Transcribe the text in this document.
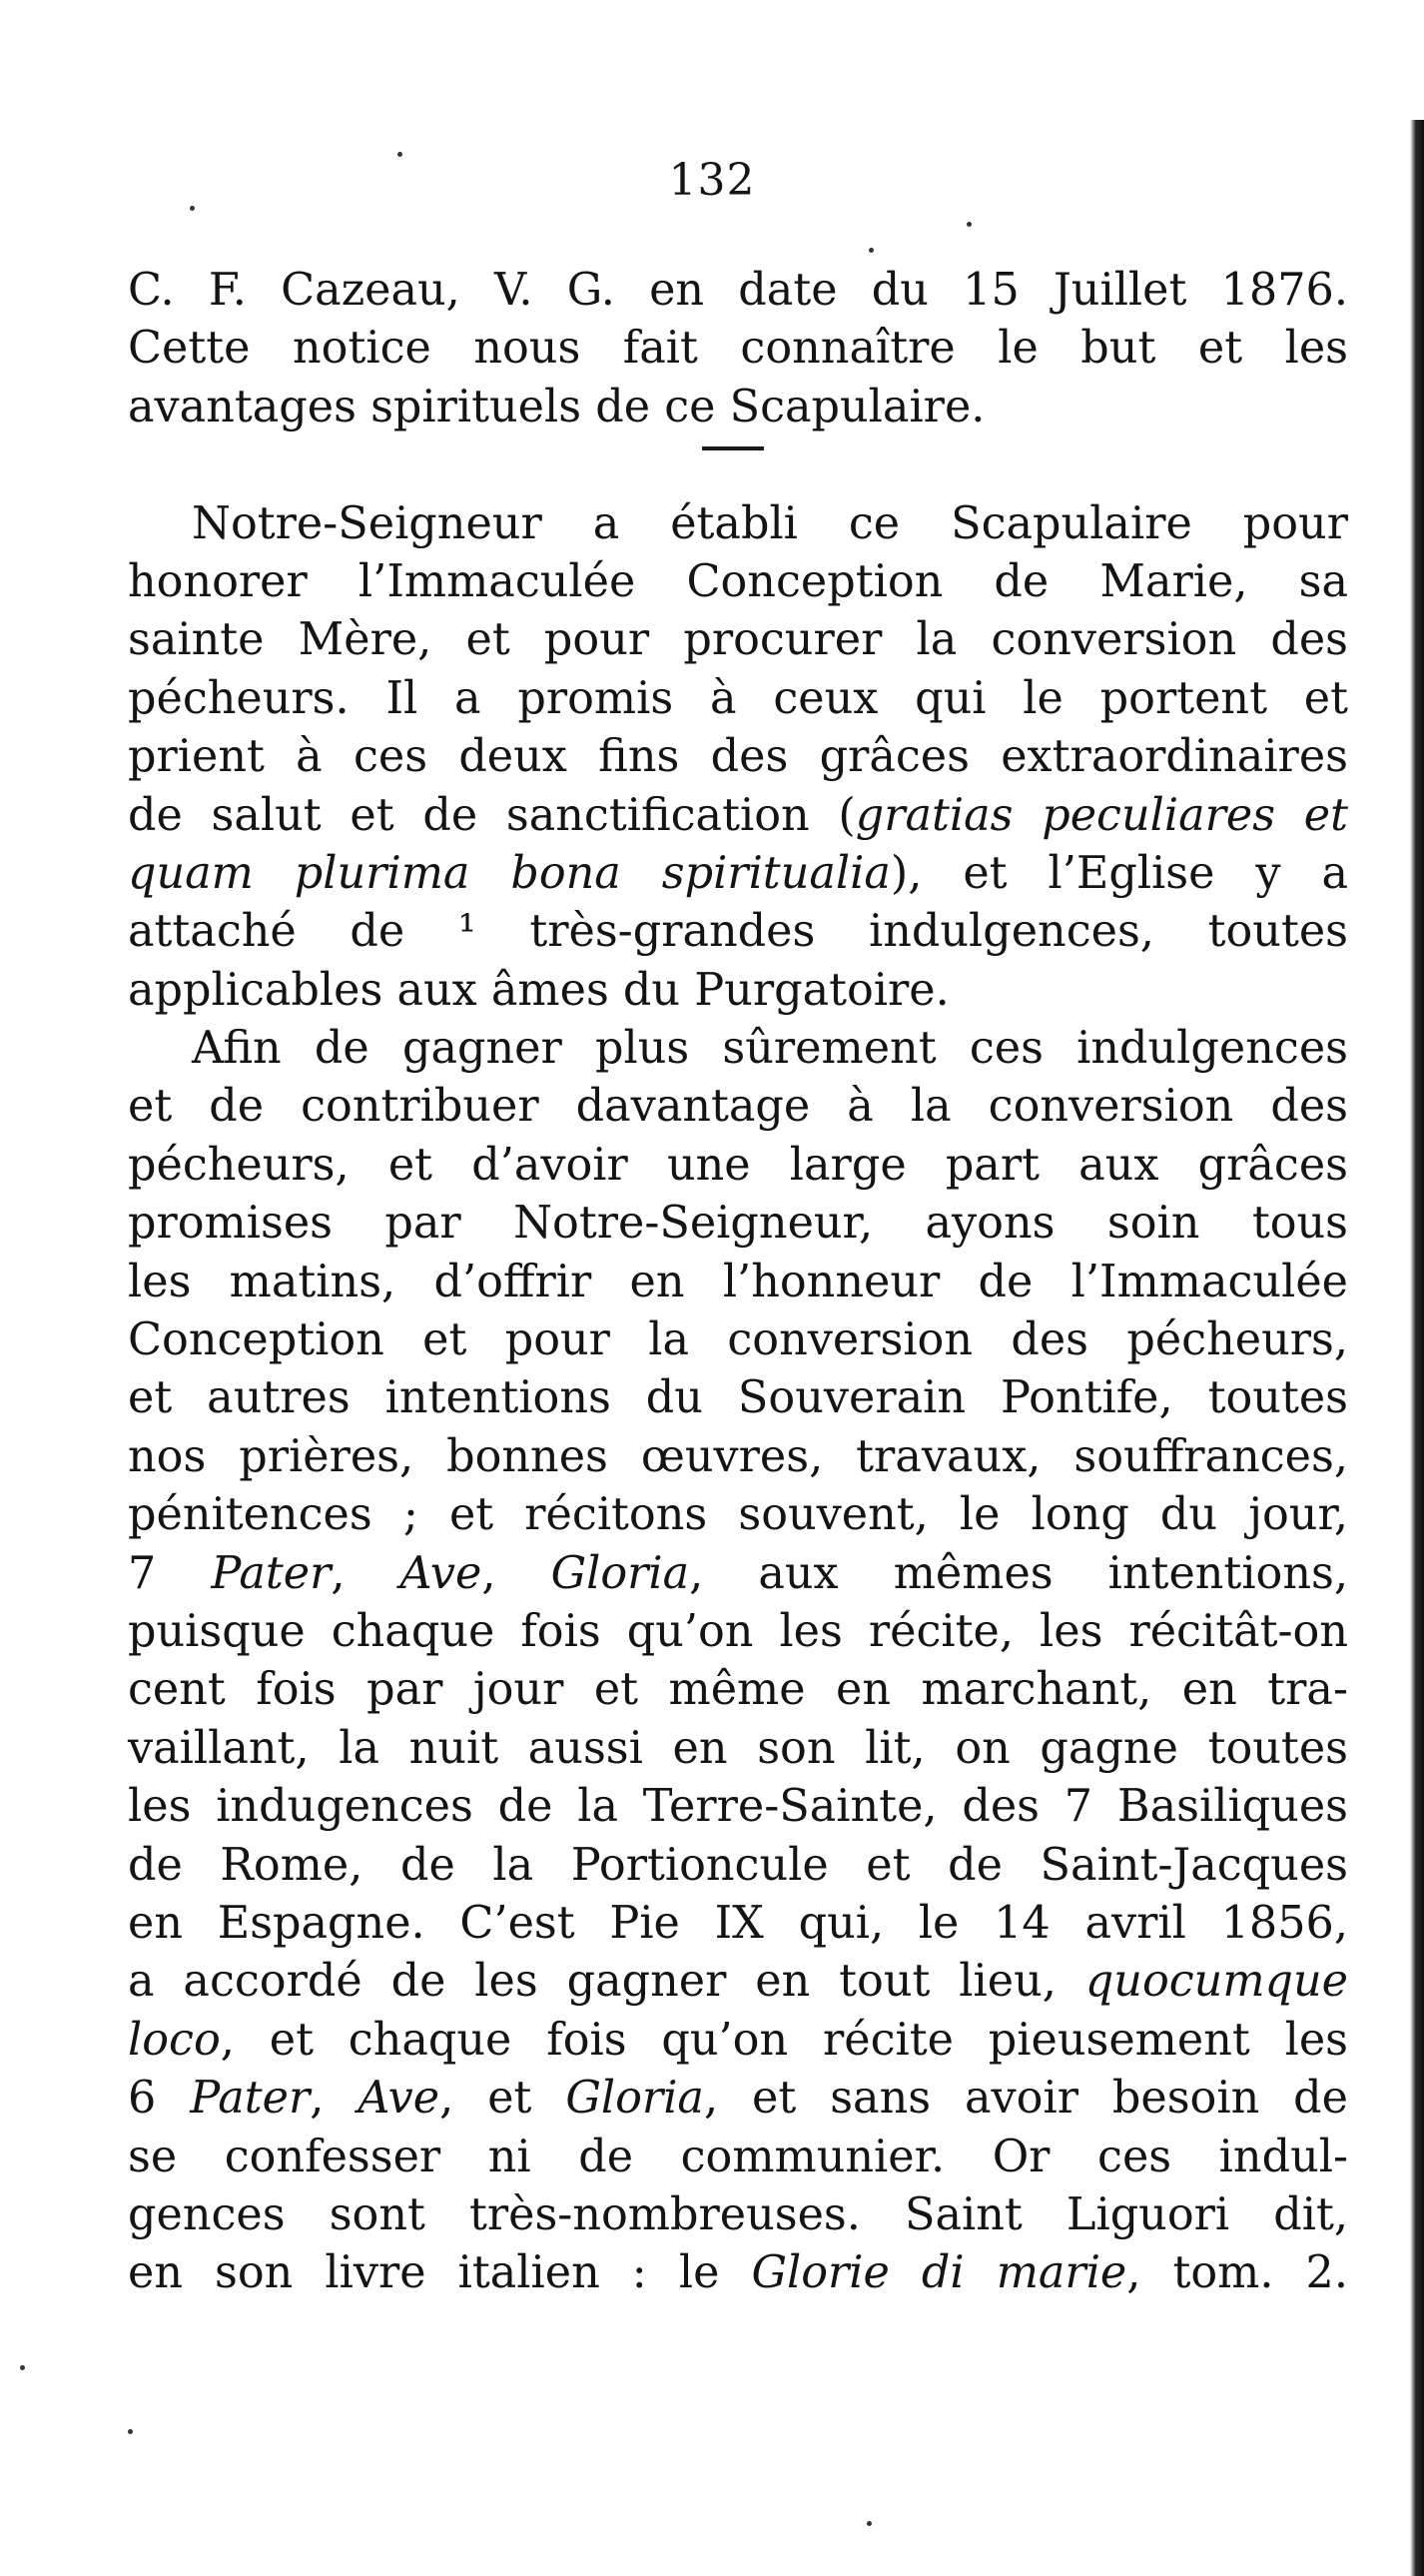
132
C. F. Cazeau, V. G. en date du 15 Juillet 1876.
Cette notice nous fait connaître le but et les
avantages spirituels de ce Scapulaire.
Notre-Seigneur a établi ce Scapulaire pour
honorer l’Immaculée Conception de Marie, sa
sainte Mère, et pour procurer la conversion des
pécheurs. Il a promis à ceux qui le portent et
prient à ces deux fins des grâces extraordinaires
de salut et de sanctification (gratias peculiares et
quam plurima bona spiritualia), et l’Eglise y a
attaché de ¹ très-grandes indulgences, toutes
applicables aux âmes du Purgatoire.
Afin de gagner plus sûrement ces indulgences
et de contribuer davantage à la conversion des
pécheurs, et d’avoir une large part aux grâces
promises par Notre-Seigneur, ayons soin tous
les matins, d’offrir en l’honneur de l’Immaculée
Conception et pour la conversion des pécheurs,
et autres intentions du Souverain Pontife, toutes
nos prières, bonnes œuvres, travaux, souffrances,
pénitences ; et récitons souvent, le long du jour,
7 Pater, Ave, Gloria, aux mêmes intentions,
puisque chaque fois qu’on les récite, les récitât-on
cent fois par jour et même en marchant, en tra-
vaillant, la nuit aussi en son lit, on gagne toutes
les indugences de la Terre-Sainte, des 7 Basiliques
de Rome, de la Portioncule et de Saint-Jacques
en Espagne. C’est Pie IX qui, le 14 avril 1856,
a accordé de les gagner en tout lieu, quocumque
loco, et chaque fois qu’on récite pieusement les
6 Pater, Ave, et Gloria, et sans avoir besoin de
se confesser ni de communier. Or ces indul-
gences sont très-nombreuses. Saint Liguori dit,
en son livre italien : le Glorie di marie, tom. 2.
